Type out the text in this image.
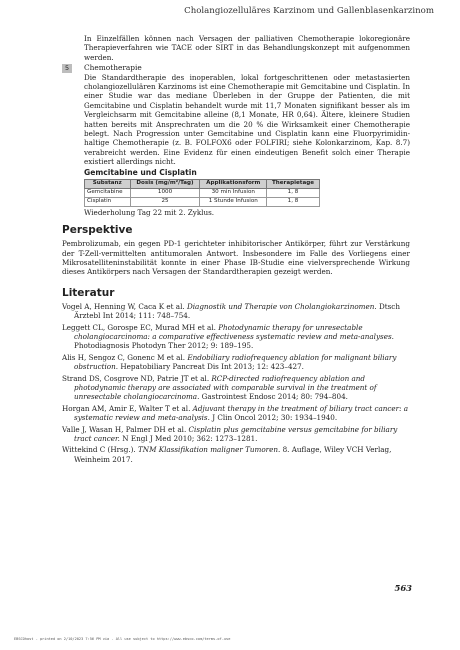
Cholangiozelluläres Karzinom und Gallenblasenkarzinom

In Einzelfällen können nach Versagen der palliativen Chemotherapie lokoregionäre Therapieverfahren wie TACE oder SIRT in das Behandlungskonzept mit aufgenommen werden.

5	Chemotherapie

Die Standardtherapie des inoperablen, lokal fortgeschrittenen oder metastasierten cholangiozellulären Karzinoms ist eine Chemotherapie mit Gemcitabine und Cisplatin. In einer Studie war das mediane Überleben in der Gruppe der Patienten, die mit Gemcitabine und Cisplatin behandelt wurde mit 11,7 Monaten signifikant besser als im Vergleichsarm mit Gemcitabine alleine (8,1 Monate, HR 0,64). Ältere, kleinere Studien hatten bereits mit Ansprechraten um die 20 % die Wirksamkeit einer Chemotherapie belegt. Nach Progression unter Gemcitabine und Cisplatin kann eine Fluorpyrimidin-haltige Chemotherapie (z. B. FOLFOX6 oder FOLFIRI; siehe Kolonkarzinom, Kap. 8.7) verabreicht werden. Eine Evidenz für einen eindeutigen Benefit solch einer Therapie existiert allerdings nicht.

Gemcitabine und Cisplatin
Substanz	Dosis (mg/m²/Tag)	Applikationsform	Therapietage
Gemcitabine	1000	30 min Infusion	1, 8
Cisplatin	25	1 Stunde Infusion	1, 8
Wiederholung Tag 22 mit 2. Zyklus.
Perspektive

Pembrolizumab, ein gegen PD-1 gerichteter inhibitorischer Antikörper, führt zur Verstärkung der T-Zell-vermittelten antitumoralen Antwort. Insbesondere im Falle des Vorliegens einer Mikrosatelliteninstabilität konnte in einer Phase IB-Studie eine vielversprechende Wirkung dieses Antikörpers nach Versagen der Standardtherapien gezeigt werden.

Literatur

Vogel A, Henning W, Caca K et al. Diagnostik und Therapie von Cholangiokarzinomen. Dtsch Ärztebl Int 2014; 111: 748–754.

Leggett CL, Gorospe EC, Murad MH et al. Photodynamic therapy for unresectable cholangiocarcinoma: a comparative effectiveness systematic review and meta-analyses. Photodiagnosis Photodyn Ther 2012; 9: 189–195.

Alis H, Sengoz C, Gonenc M et al. Endobiliary radiofrequency ablation for malignant biliary obstruction. Hepatobiliary Pancreat Dis Int 2013; 12: 423–427.

Strand DS, Cosgrove ND, Patrie JT et al. RCP-directed radiofrequency ablation and photodynamic therapy are associated with comparable survival in the treatment of unresectable cholangiocarcinoma. Gastrointest Endosc 2014; 80: 794–804.

Horgan AM, Amir E, Walter T et al. Adjuvant therapy in the treatment of biliary tract cancer: a systematic review and meta-analysis. J Clin Oncol 2012; 30: 1934–1940.

Valle J, Wasan H, Palmer DH et al. Cisplatin plus gemcitabine versus gemcitabine for biliary tract cancer. N Engl J Med 2010; 362: 1273–1281.

Wittekind C (Hrsg.). TNM Klassifikation maligner Tumoren. 8. Auflage, Wiley VCH Verlag, Weinheim 2017.

563
EBSCOhost - printed on 2/10/2023 7:56 PM via . All use subject to https://www.ebsco.com/terms-of-use
